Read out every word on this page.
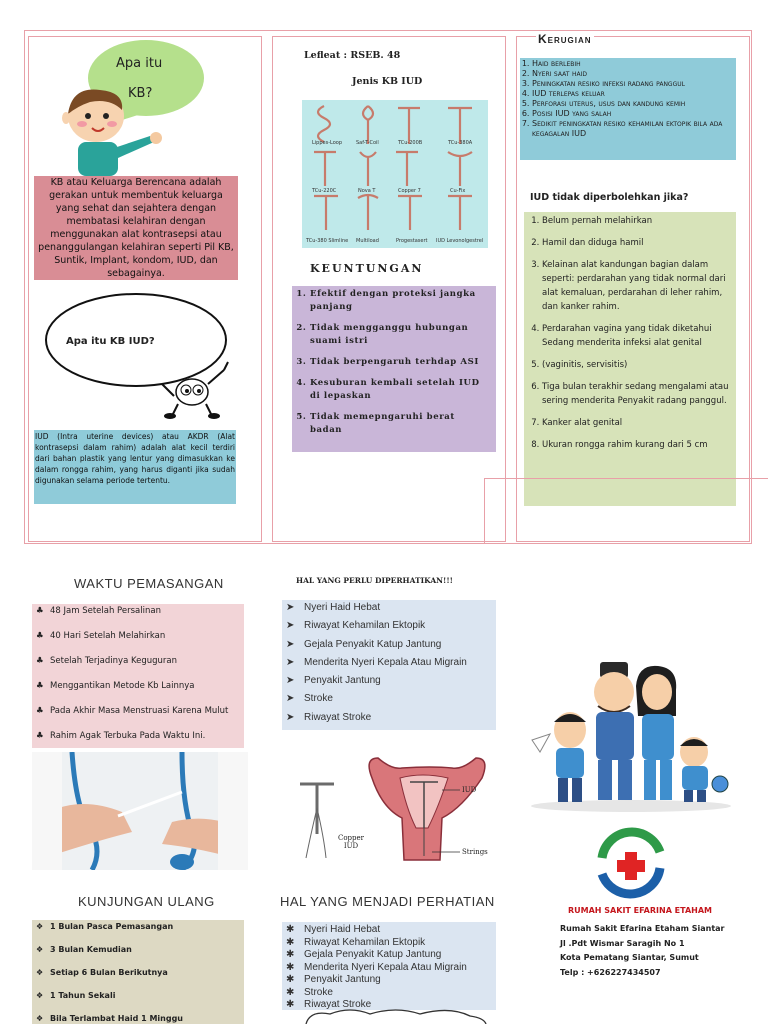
Apa itu
KB?
KB atau Keluarga Berencana adalah gerakan untuk membentuk keluarga yang sehat dan sejahtera dengan membatasi kelahiran dengan menggunakan alat kontrasepsi atau penanggulangan kelahiran seperti Pil KB, Suntik, Implant, kondom, IUD, dan sebagainya.
Apa itu KB IUD?
IUD (Intra uterine devices) atau AKDR (Alat kontrasepsi dalam rahim) adalah alat kecil terdiri dari bahan plastik yang lentur yang dimasukkan ke dalam rongga rahim, yang harus diganti jika sudah digunakan selama periode tertentu.
Lefleat : RSEB. 48
Jenis KB IUD
Lippes-Loop	Saf-T-Coil	TCu-200B	TCu-380A
TCu-220C	Nova T	Copper 7	Cu-Fix
TCu-380 Slimline Multiload	Progestasert IUD Levonolgestrel
KEUNTUNGAN
1. Efektif dengan proteksi jangka panjang
2. Tidak mengganggu hubungan suami istri
3. Tidak berpengaruh terhdap ASI
4. Kesuburan kembali setelah IUD di lepaskan
5. Tidak memepngaruhi berat badan
Kerugian
1. Haid berlebih
2. Nyeri saat haid
3. Peningkatan resiko infeksi radang panggul
4. IUD terlepas keluar
5. Perforasi uterus, usus dan kandung kemih
6. Posisi IUD yang salah
7. Sedikit peningkatan resiko kehamilan ektopik bila ada kegagalan IUD
IUD tidak diperbolehkan jika?
1. Belum pernah melahirkan
2. Hamil dan diduga hamil
3. Kelainan alat kandungan bagian dalam seperti: perdarahan yang tidak normal dari alat kemaluan, perdarahan di leher rahim, dan kanker rahim.
4. Perdarahan vagina yang tidak diketahui Sedang menderita infeksi alat genital
5. (vaginitis, servisitis)
6. Tiga bulan terakhir sedang mengalami atau sering menderita Penyakit radang panggul.
7. Kanker alat genital
8. Ukuran rongga rahim kurang dari 5 cm
WAKTU PEMASANGAN
♣ 48 Jam Setelah Persalinan
♣ 40 Hari Setelah Melahirkan
♣ Setelah Terjadinya Keguguran
♣ Menggantikan Metode Kb Lainnya
♣ Pada Akhir Masa Menstruasi Karena Mulut
♣ Rahim Agak Terbuka Pada Waktu Ini.
KUNJUNGAN ULANG
❖ 1 Bulan Pasca Pemasangan
❖ 3 Bulan Kemudian
❖ Setiap 6 Bulan Berikutnya
❖ 1 Tahun Sekali
❖ Bila Terlambat Haid 1 Minggu
HAL YANG PERLU DIPERHATIKAN!!!
➤ Nyeri Haid Hebat
➤ Riwayat Kehamilan Ektopik
➤ Gejala Penyakit Katup Jantung
➤ Menderita Nyeri Kepala Atau Migrain
➤ Penyakit Jantung
➤ Stroke
➤ Riwayat Stroke
Copper IUD
IUD
Strings
HAL YANG MENJADI PERHATIAN
✱ Nyeri Haid Hebat
✱ Riwayat Kehamilan Ektopik
✱ Gejala Penyakit Katup Jantung
✱ Menderita Nyeri Kepala Atau Migrain
✱ Penyakit Jantung
✱ Stroke
✱ Riwayat Stroke
RUMAH SAKIT EFARINA ETAHAM
Rumah Sakit Efarina Etaham Siantar
Jl .Pdt Wismar Saragih No 1
Kota Pematang Siantar, Sumut
Telp : +626227434507
